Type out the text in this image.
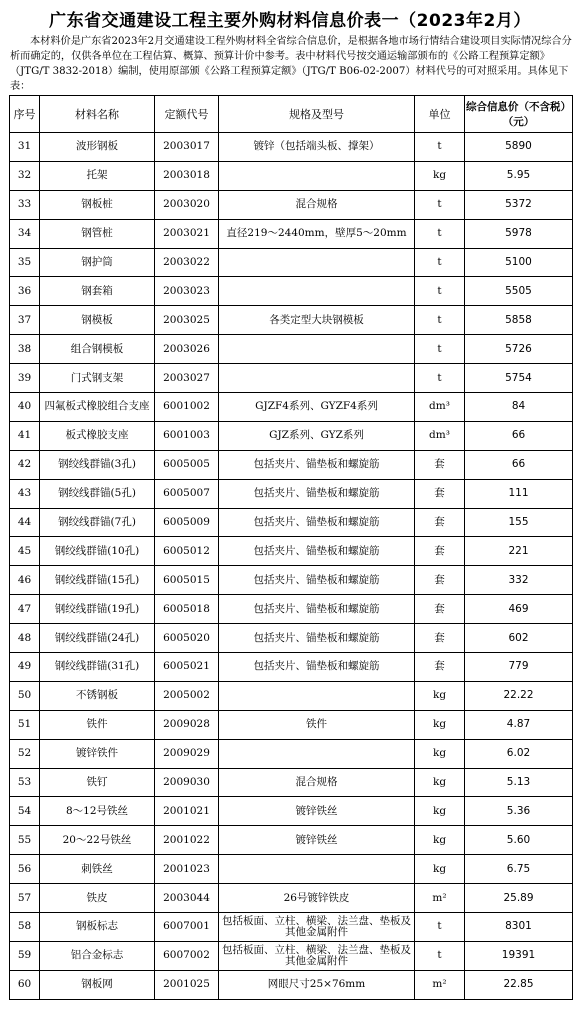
广东省交通建设工程主要外购材料信息价表一（2023年2月）
本材料价是广东省2023年2月交通建设工程外购材料全省综合信息价，是根据各地市场行情结合建设项目实际情况综合分析而确定的，仅供各单位在工程估算、概算、预算计价中参考。表中材料代号按交通运输部颁布的《公路工程预算定额》（JTG/T 3832-2018）编制，使用原部颁《公路工程预算定额》（JTG/T B06-02-2007）材料代号的可对照采用。具体见下表：
序号	材料名称	定额代号	规格及型号	单位	综合信息价（不含税）（元）
31	波形钢板	2003017	镀锌（包括端头板、撑架）	t	5890
32	托架	2003018		kg	5.95
33	钢板桩	2003020	混合规格	t	5372
34	钢管桩	2003021	直径219～2440mm，壁厚5～20mm	t	5978
35	钢护筒	2003022		t	5100
36	钢套箱	2003023		t	5505
37	钢模板	2003025	各类定型大块钢模板	t	5858
38	组合钢模板	2003026		t	5726
39	门式钢支架	2003027		t	5754
40	四氟板式橡胶组合支座	6001002	GJZF4系列、GYZF4系列	dm³	84
41	板式橡胶支座	6001003	GJZ系列、GYZ系列	dm³	66
42	钢绞线群锚(3孔)	6005005	包括夹片、锚垫板和螺旋筋	套	66
43	钢绞线群锚(5孔)	6005007	包括夹片、锚垫板和螺旋筋	套	111
44	钢绞线群锚(7孔)	6005009	包括夹片、锚垫板和螺旋筋	套	155
45	钢绞线群锚(10孔)	6005012	包括夹片、锚垫板和螺旋筋	套	221
46	钢绞线群锚(15孔)	6005015	包括夹片、锚垫板和螺旋筋	套	332
47	钢绞线群锚(19孔)	6005018	包括夹片、锚垫板和螺旋筋	套	469
48	钢绞线群锚(24孔)	6005020	包括夹片、锚垫板和螺旋筋	套	602
49	钢绞线群锚(31孔)	6005021	包括夹片、锚垫板和螺旋筋	套	779
50	不锈钢板	2005002		kg	22.22
51	铁件	2009028	铁件	kg	4.87
52	镀锌铁件	2009029		kg	6.02
53	铁钉	2009030	混合规格	kg	5.13
54	8～12号铁丝	2001021	镀锌铁丝	kg	5.36
55	20～22号铁丝	2001022	镀锌铁丝	kg	5.60
56	刺铁丝	2001023		kg	6.75
57	铁皮	2003044	26号镀锌铁皮	m²	25.89
58	钢板标志	6007001	包括板面、立柱、横梁、法兰盘、垫板及其他金属附件	t	8301
59	铝合金标志	6007002	包括板面、立柱、横梁、法兰盘、垫板及其他金属附件	t	19391
60	钢板网	2001025	网眼尺寸25×76mm	m²	22.85
